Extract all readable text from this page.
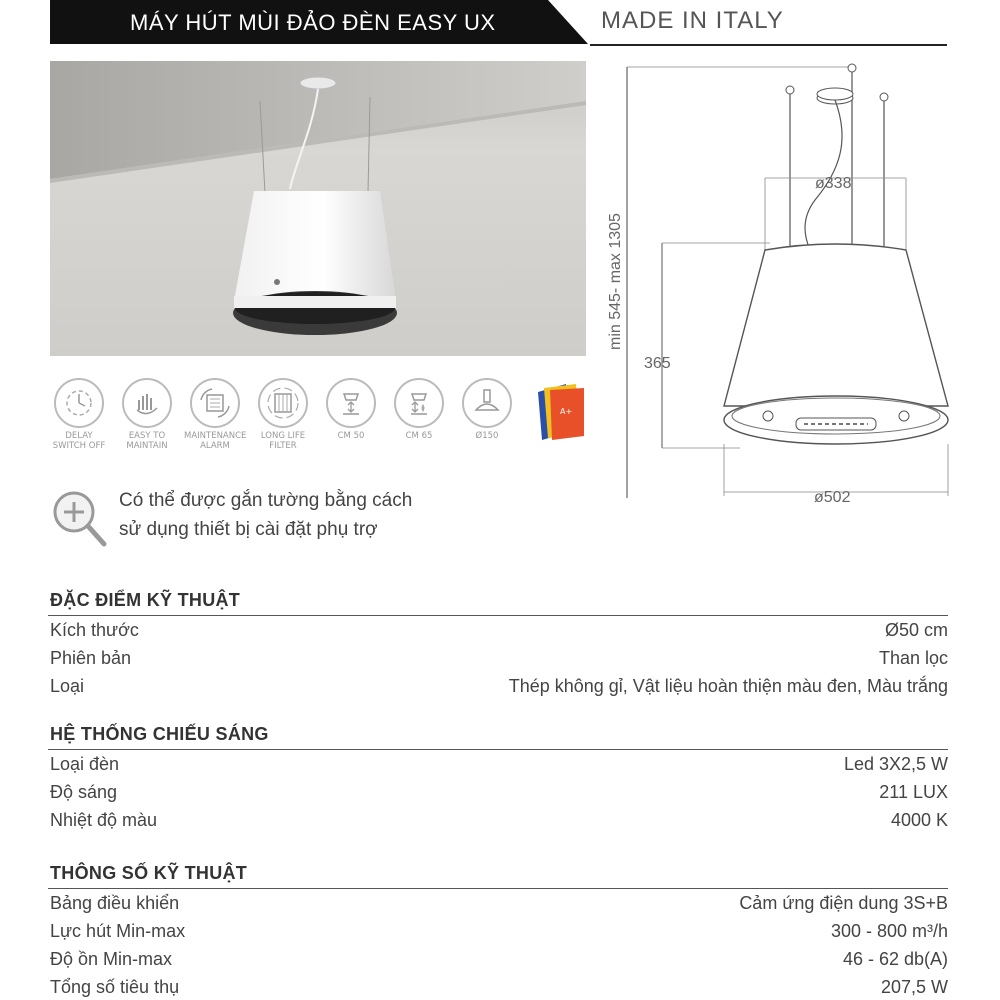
MÁY HÚT MÙI ĐẢO ĐÈN EASY UX	MADE IN ITALY
DELAY SWITCH OFF
EASY TO MAINTAIN
MAINTENANCE ALARM
LONG LIFE FILTER
CM 50	CM 65	Ø150
A+
Có thể được gắn tường bằng cách
sử dụng thiết bị cài đặt phụ trợ
ø338
365
ø502
min 545- max 1305
ĐẶC ĐIỂM KỸ THUẬT
Kích thước	Ø50 cm
Phiên bản	Than lọc
Loại	Thép không gỉ, Vật liệu hoàn thiện màu đen, Màu trắng
HỆ THỐNG CHIẾU SÁNG
Loại đèn	Led 3X2,5 W
Độ sáng	211 LUX
Nhiệt độ màu	4000 K
THÔNG SỐ KỸ THUẬT
Bảng điều khiển	Cảm ứng điện dung 3S+B
Lực hút Min-max	300 - 800 m³/h
Độ ồn Min-max	46 - 62 db(A)
Tổng số tiêu thụ	207,5 W
